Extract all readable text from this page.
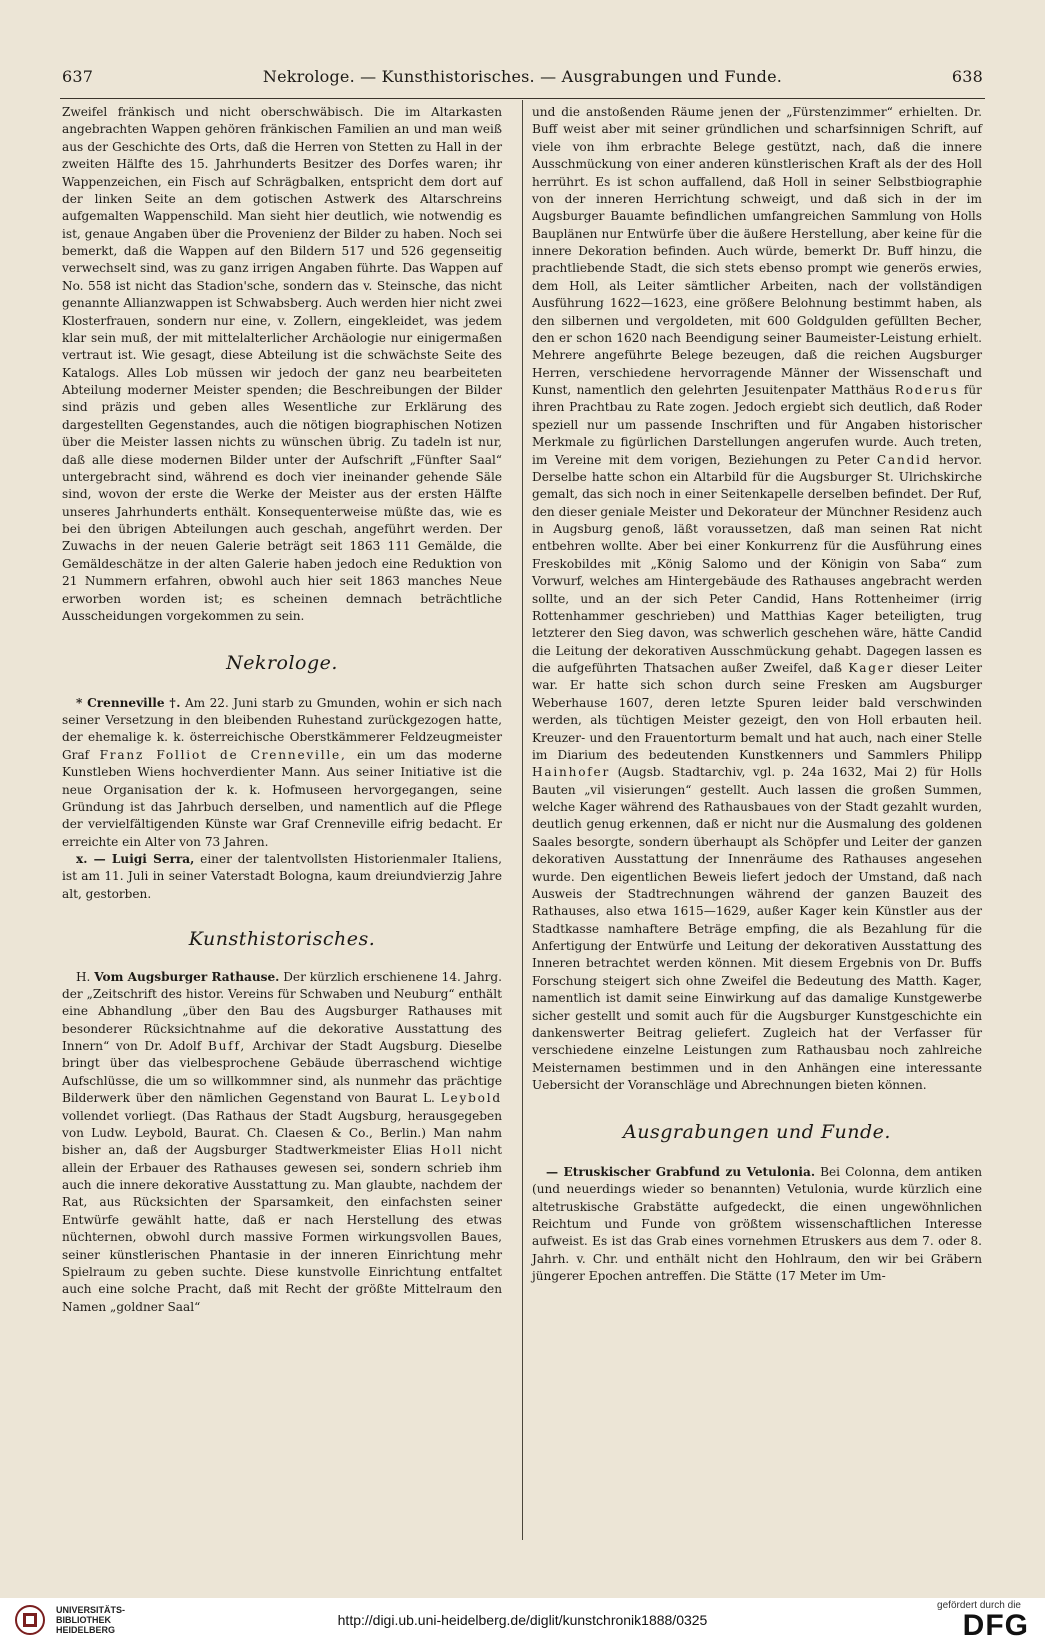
637	Nekrologe. — Kunsthistorisches. — Ausgrabungen und Funde.	638

Zweifel fränkisch und nicht oberschwäbisch. Die im Altarkasten angebrachten Wappen gehören fränkischen Familien an und man weiß aus der Geschichte des Orts, daß die Herren von Stetten zu Hall in der zweiten Hälfte des 15. Jahrhunderts Besitzer des Dorfes waren; ihr Wappenzeichen, ein Fisch auf Schrägbalken, entspricht dem dort auf der linken Seite an dem gotischen Astwerk des Altarschreins aufgemalten Wappenschild. Man sieht hier deutlich, wie notwendig es ist, genaue Angaben über die Provenienz der Bilder zu haben. Noch sei bemerkt, daß die Wappen auf den Bildern 517 und 526 gegenseitig verwechselt sind, was zu ganz irrigen Angaben führte. Das Wappen auf No. 558 ist nicht das Stadion'sche, sondern das v. Steinsche, das nicht genannte Allianzwappen ist Schwabsberg. Auch werden hier nicht zwei Klosterfrauen, sondern nur eine, v. Zollern, eingekleidet, was jedem klar sein muß, der mit mittelalterlicher Archäologie nur einigermaßen vertraut ist. Wie gesagt, diese Abteilung ist die schwächste Seite des Katalogs. Alles Lob müssen wir jedoch der ganz neu bearbeiteten Abteilung moderner Meister spenden; die Beschreibungen der Bilder sind präzis und geben alles Wesentliche zur Erklärung des dargestellten Gegenstandes, auch die nötigen biographischen Notizen über die Meister lassen nichts zu wünschen übrig. Zu tadeln ist nur, daß alle diese modernen Bilder unter der Aufschrift „Fünfter Saal“ untergebracht sind, während es doch vier ineinander gehende Säle sind, wovon der erste die Werke der Meister aus der ersten Hälfte unseres Jahrhunderts enthält. Konsequenterweise müßte das, wie es bei den übrigen Abteilungen auch geschah, angeführt werden. Der Zuwachs in der neuen Galerie beträgt seit 1863 111 Gemälde, die Gemäldeschätze in der alten Galerie haben jedoch eine Reduktion von 21 Nummern erfahren, obwohl auch hier seit 1863 manches Neue erworben worden ist; es scheinen demnach beträchtliche Ausscheidungen vorgekommen zu sein.

Nekrologe.

* Crenneville †. Am 22. Juni starb zu Gmunden, wohin er sich nach seiner Versetzung in den bleibenden Ruhestand zurückgezogen hatte, der ehemalige k. k. österreichische Oberstkämmerer Feldzeugmeister Graf Franz Folliot de Crenneville, ein um das moderne Kunstleben Wiens hochverdienter Mann. Aus seiner Initiative ist die neue Organisation der k. k. Hofmuseen hervorgegangen, seine Gründung ist das Jahrbuch derselben, und namentlich auf die Pflege der vervielfältigenden Künste war Graf Crenneville eifrig bedacht. Er erreichte ein Alter von 73 Jahren.

x. — Luigi Serra, einer der talentvollsten Historienmaler Italiens, ist am 11. Juli in seiner Vaterstadt Bologna, kaum dreiundvierzig Jahre alt, gestorben.

Kunsthistorisches.

H. Vom Augsburger Rathause. Der kürzlich erschienene 14. Jahrg. der „Zeitschrift des histor. Vereins für Schwaben und Neuburg“ enthält eine Abhandlung „über den Bau des Augsburger Rathauses mit besonderer Rücksichtnahme auf die dekorative Ausstattung des Innern“ von Dr. Adolf Buff, Archivar der Stadt Augsburg. Dieselbe bringt über das vielbesprochene Gebäude überraschend wichtige Aufschlüsse, die um so willkommner sind, als nunmehr das prächtige Bilderwerk über den nämlichen Gegenstand von Baurat L. Leybold vollendet vorliegt. (Das Rathaus der Stadt Augsburg, herausgegeben von Ludw. Leybold, Baurat. Ch. Claesen & Co., Berlin.) Man nahm bisher an, daß der Augsburger Stadtwerkmeister Elias Holl nicht allein der Erbauer des Rathauses gewesen sei, sondern schrieb ihm auch die innere dekorative Ausstattung zu. Man glaubte, nachdem der Rat, aus Rücksichten der Sparsamkeit, den einfachsten seiner Entwürfe gewählt hatte, daß er nach Herstellung des etwas nüchternen, obwohl durch massive Formen wirkungsvollen Baues, seiner künstlerischen Phantasie in der inneren Einrichtung mehr Spielraum zu geben suchte. Diese kunstvolle Einrichtung entfaltet auch eine solche Pracht, daß mit Recht der größte Mittelraum den Namen „goldner Saal“

und die anstoßenden Räume jenen der „Fürstenzimmer“ erhielten. Dr. Buff weist aber mit seiner gründlichen und scharfsinnigen Schrift, auf viele von ihm erbrachte Belege gestützt, nach, daß die innere Ausschmückung von einer anderen künstlerischen Kraft als der des Holl herrührt. Es ist schon auffallend, daß Holl in seiner Selbstbiographie von der inneren Herrichtung schweigt, und daß sich in der im Augsburger Bauamte befindlichen umfangreichen Sammlung von Holls Bauplänen nur Entwürfe über die äußere Herstellung, aber keine für die innere Dekoration befinden. Auch würde, bemerkt Dr. Buff hinzu, die prachtliebende Stadt, die sich stets ebenso prompt wie generös erwies, dem Holl, als Leiter sämtlicher Arbeiten, nach der vollständigen Ausführung 1622—1623, eine größere Belohnung bestimmt haben, als den silbernen und vergoldeten, mit 600 Goldgulden gefüllten Becher, den er schon 1620 nach Beendigung seiner Baumeister-Leistung erhielt. Mehrere angeführte Belege bezeugen, daß die reichen Augsburger Herren, verschiedene hervorragende Männer der Wissenschaft und Kunst, namentlich den gelehrten Jesuitenpater Matthäus Roderus für ihren Prachtbau zu Rate zogen. Jedoch ergiebt sich deutlich, daß Roder speziell nur um passende Inschriften und für Angaben historischer Merkmale zu figürlichen Darstellungen angerufen wurde. Auch treten, im Vereine mit dem vorigen, Beziehungen zu Peter Candid hervor. Derselbe hatte schon ein Altarbild für die Augsburger St. Ulrichskirche gemalt, das sich noch in einer Seitenkapelle derselben befindet. Der Ruf, den dieser geniale Meister und Dekorateur der Münchner Residenz auch in Augsburg genoß, läßt voraussetzen, daß man seinen Rat nicht entbehren wollte. Aber bei einer Konkurrenz für die Ausführung eines Freskobildes mit „König Salomo und der Königin von Saba“ zum Vorwurf, welches am Hintergebäude des Rathauses angebracht werden sollte, und an der sich Peter Candid, Hans Rottenheimer (irrig Rottenhammer geschrieben) und Matthias Kager beteiligten, trug letzterer den Sieg davon, was schwerlich geschehen wäre, hätte Candid die Leitung der dekorativen Ausschmückung gehabt. Dagegen lassen es die aufgeführten Thatsachen außer Zweifel, daß Kager dieser Leiter war. Er hatte sich schon durch seine Fresken am Augsburger Weberhause 1607, deren letzte Spuren leider bald verschwinden werden, als tüchtigen Meister gezeigt, den von Holl erbauten heil. Kreuzer- und den Frauentorturm bemalt und hat auch, nach einer Stelle im Diarium des bedeutenden Kunstkenners und Sammlers Philipp Hainhofer (Augsb. Stadtarchiv, vgl. p. 24a 1632, Mai 2) für Holls Bauten „vil visierungen“ gestellt. Auch lassen die großen Summen, welche Kager während des Rathausbaues von der Stadt gezahlt wurden, deutlich genug erkennen, daß er nicht nur die Ausmalung des goldenen Saales besorgte, sondern überhaupt als Schöpfer und Leiter der ganzen dekorativen Ausstattung der Innenräume des Rathauses angesehen wurde. Den eigentlichen Beweis liefert jedoch der Umstand, daß nach Ausweis der Stadtrechnungen während der ganzen Bauzeit des Rathauses, also etwa 1615—1629, außer Kager kein Künstler aus der Stadtkasse namhaftere Beträge empfing, die als Bezahlung für die Anfertigung der Entwürfe und Leitung der dekorativen Ausstattung des Inneren betrachtet werden können. Mit diesem Ergebnis von Dr. Buffs Forschung steigert sich ohne Zweifel die Bedeutung des Matth. Kager, namentlich ist damit seine Einwirkung auf das damalige Kunstgewerbe sicher gestellt und somit auch für die Augsburger Kunstgeschichte ein dankenswerter Beitrag geliefert. Zugleich hat der Verfasser für verschiedene einzelne Leistungen zum Rathausbau noch zahlreiche Meisternamen bestimmen und in den Anhängen eine interessante Uebersicht der Voranschläge und Abrechnungen bieten können.

Ausgrabungen und Funde.

— Etruskischer Grabfund zu Vetulonia. Bei Colonna, dem antiken (und neuerdings wieder so benannten) Vetulonia, wurde kürzlich eine altetruskische Grabstätte aufgedeckt, die einen ungewöhnlichen Reichtum und Funde von größtem wissenschaftlichen Interesse aufweist. Es ist das Grab eines vornehmen Etruskers aus dem 7. oder 8. Jahrh. v. Chr. und enthält nicht den Hohlraum, den wir bei Gräbern jüngerer Epochen antreffen. Die Stätte (17 Meter im Um-

UNIVERSITÄTS-
BIBLIOTHEK
HEIDELBERG
http://digi.ub.uni-heidelberg.de/diglit/kunstchronik1888/0325
gefördert durch die
DFG
